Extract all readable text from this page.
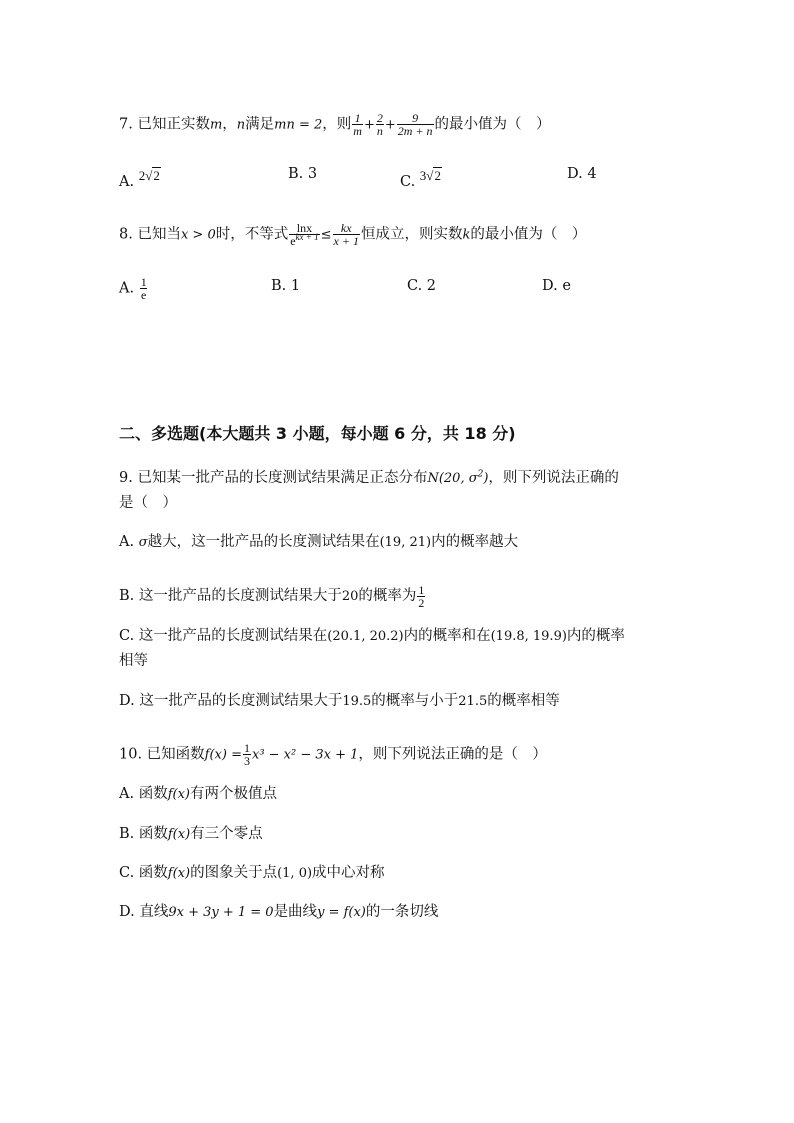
7. 已知正实数m，n满足mn = 2，则 $\frac{1}{m} + \frac{2}{n} + \frac{9}{2m + n}$ 的最小值为（　）
A. 2√2	B. 3	C. 3√2	D. 4
8. 已知当x > 0时，不等式 $\frac{\ln x}{e^{kx + 1}} \le \frac{kx}{x + 1}$ 恒成立，则实数k的最小值为（　）
A. $\frac{1}{e}$	B. 1	C. 2	D. e
二、多选题(本大题共 3 小题，每小题 6 分，共 18 分)
9. 已知某一批产品的长度测试结果满足正态分布N(20, $\sigma^2$)，则下列说法正确的
是（　）
A. σ越大，这一批产品的长度测试结果在(19, 21)内的概率越大
B. 这一批产品的长度测试结果大于20的概率为 $\frac{1}{2}$
C. 这一批产品的长度测试结果在(20.1, 20.2)内的概率和在(19.8, 19.9)内的概率
相等
D. 这一批产品的长度测试结果大于19.5的概率与小于21.5的概率相等
10. 已知函数$f(x) = \frac{1}{3} x^3 - x^2 - 3x + 1$，则下列说法正确的是（　）
A. 函数f(x)有两个极值点
B. 函数f(x)有三个零点
C. 函数f(x)的图象关于点(1, 0)成中心对称
D. 直线9x + 3y + 1 = 0是曲线y = f(x)的一条切线
